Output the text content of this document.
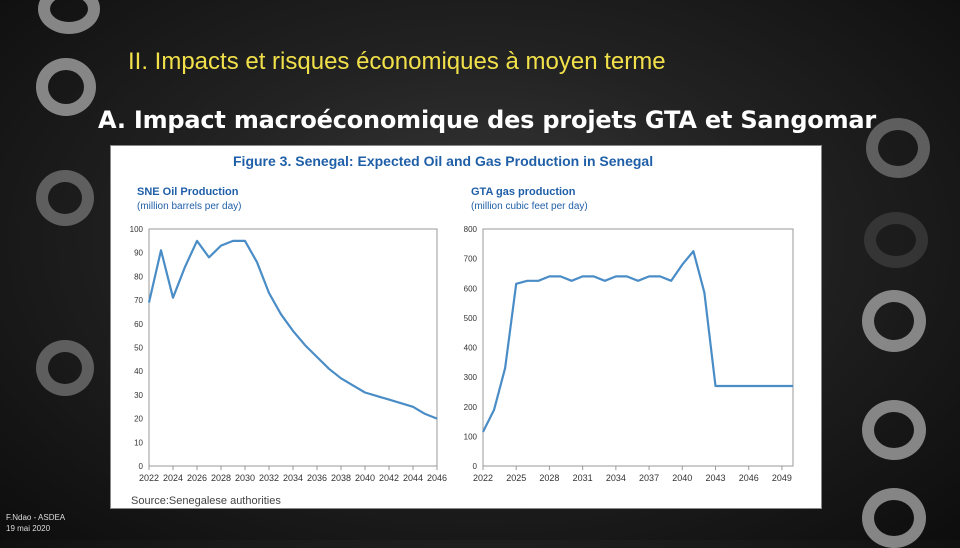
II. Impacts et risques économiques à moyen terme
A. Impact macroéconomique des projets GTA et Sangomar
Figure 3. Senegal: Expected Oil and Gas Production in Senegal
Source:Senegalese authorities
SNE Oil Production
(million barrels per day)
0
10
20
30
40
50
60
70
80
90
100
2022 2024 2026 2028 2030 2032 2034 2036 2038 2040 2042 2044 2046
GTA gas production
(million cubic feet per day)
0
100
200
300
400
500
600
700
800
2022 2025 2028 2031 2034 2037 2040 2043 2046 2049
F.Ndao - ASDEA
19 mai 2020
